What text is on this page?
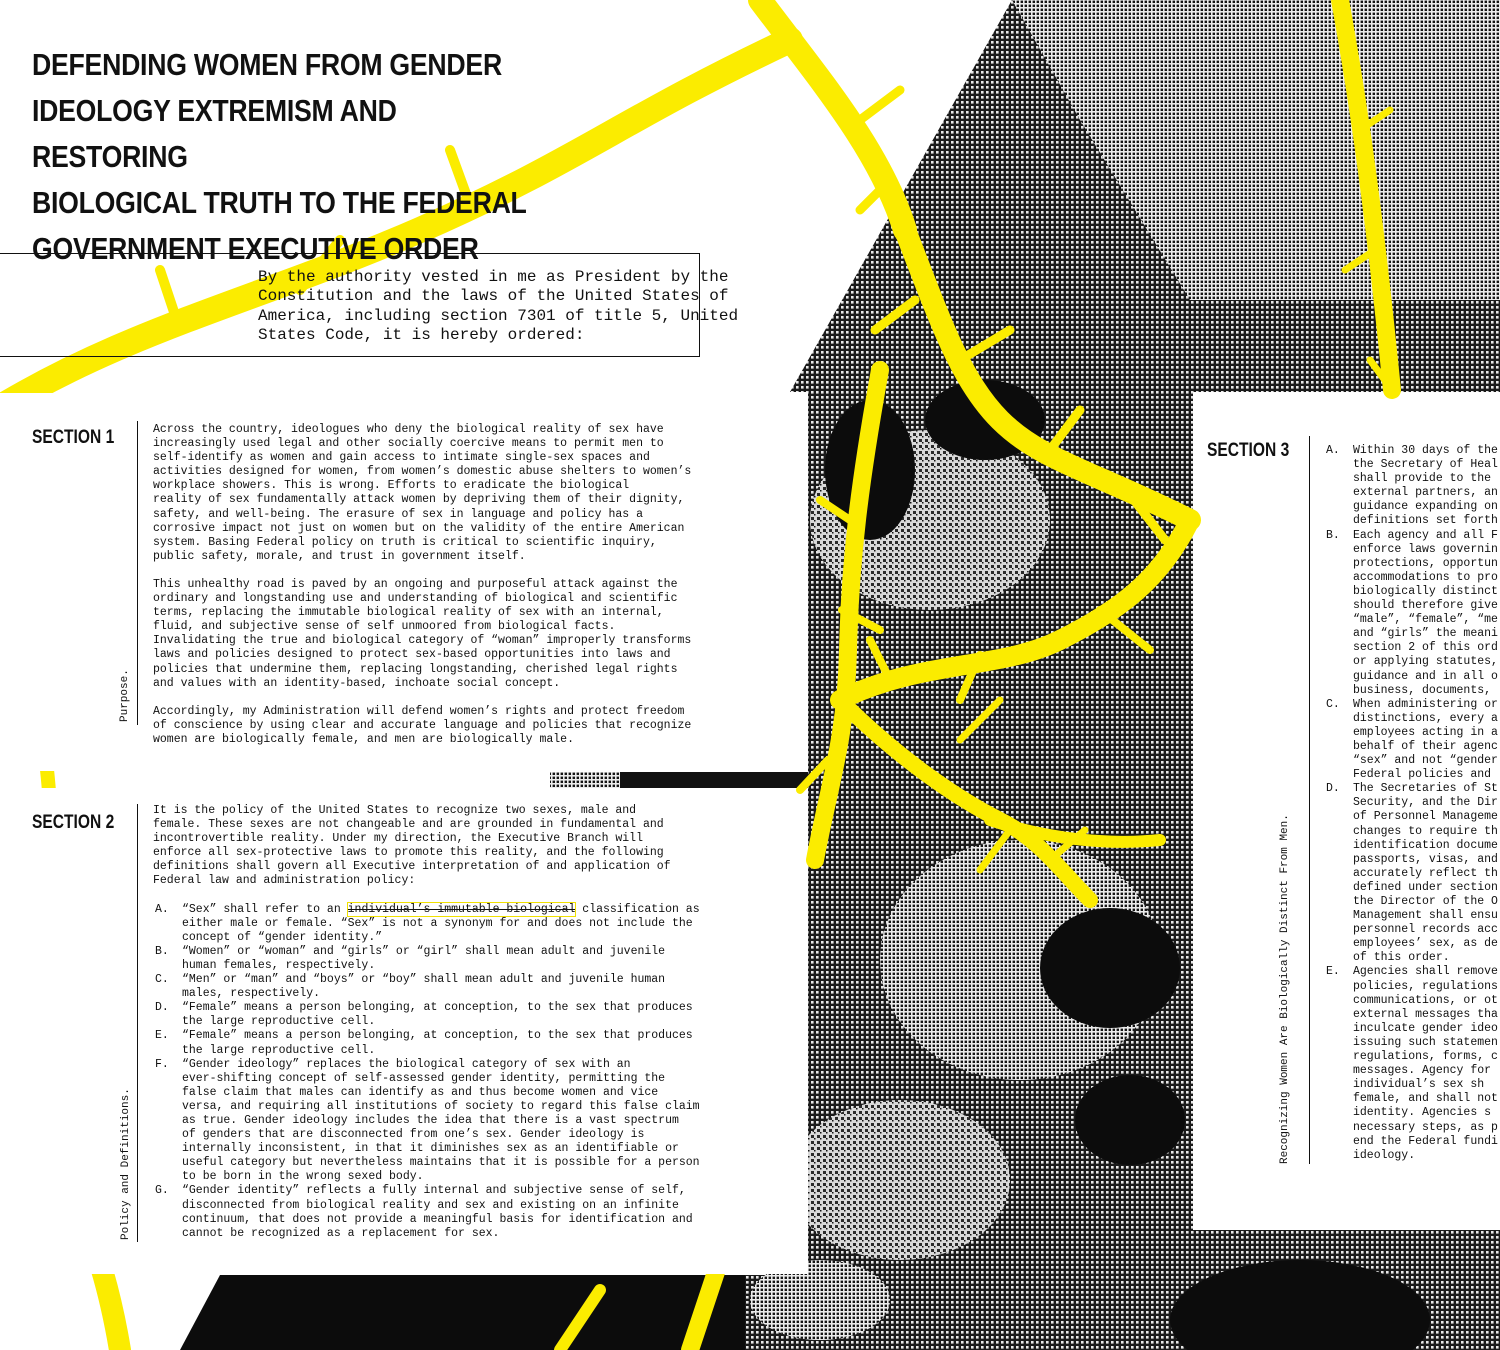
DEFENDING WOMEN FROM GENDER
IDEOLOGY EXTREMISM AND RESTORING
BIOLOGICAL TRUTH TO THE FEDERAL
GOVERNMENT EXECUTIVE ORDER

By the authority vested in me as President by the
Constitution and the laws of the United States of
America, including section 7301 of title 5, United
States Code, it is hereby ordered:

SECTION 1

Purpose.

Across the country, ideologues who deny the biological reality of sex have
increasingly used legal and other socially coercive means to permit men to
self-identify as women and gain access to intimate single-sex spaces and
activities designed for women, from women’s domestic abuse shelters to women’s
workplace showers. This is wrong. Efforts to eradicate the biological
reality of sex fundamentally attack women by depriving them of their dignity,
safety, and well-being. The erasure of sex in language and policy has a
corrosive impact not just on women but on the validity of the entire American
system. Basing Federal policy on truth is critical to scientific inquiry,
public safety, morale, and trust in government itself.

This unhealthy road is paved by an ongoing and purposeful attack against the
ordinary and longstanding use and understanding of biological and scientific
terms, replacing the immutable biological reality of sex with an internal,
fluid, and subjective sense of self unmoored from biological facts.
Invalidating the true and biological category of “woman” improperly transforms
laws and policies designed to protect sex-based opportunities into laws and
policies that undermine them, replacing longstanding, cherished legal rights
and values with an identity-based, inchoate social concept.

Accordingly, my Administration will defend women’s rights and protect freedom
of conscience by using clear and accurate language and policies that recognize
women are biologically female, and men are biologically male.

SECTION 2

Policy and Definitions.

It is the policy of the United States to recognize two sexes, male and
female. These sexes are not changeable and are grounded in fundamental and
incontrovertible reality. Under my direction, the Executive Branch will
enforce all sex-protective laws to promote this reality, and the following
definitions shall govern all Executive interpretation of and application of
Federal law and administration policy:

A. “Sex” shall refer to an individual’s immutable biological classification as
either male or female. “Sex” is not a synonym for and does not include the
concept of “gender identity.”
B. “Women” or “woman” and “girls” or “girl” shall mean adult and juvenile
human females, respectively.
C. “Men” or “man” and “boys” or “boy” shall mean adult and juvenile human
males, respectively.
D. “Female” means a person belonging, at conception, to the sex that produces
the large reproductive cell.
E. “Female” means a person belonging, at conception, to the sex that produces
the large reproductive cell.
F. “Gender ideology” replaces the biological category of sex with an
ever-shifting concept of self-assessed gender identity, permitting the
false claim that males can identify as and thus become women and vice
versa, and requiring all institutions of society to regard this false claim
as true. Gender ideology includes the idea that there is a vast spectrum
of genders that are disconnected from one’s sex. Gender ideology is
internally inconsistent, in that it diminishes sex as an identifiable or
useful category but nevertheless maintains that it is possible for a person
to be born in the wrong sexed body.
G. “Gender identity” reflects a fully internal and subjective sense of self,
disconnected from biological reality and sex and existing on an infinite
continuum, that does not provide a meaningful basis for identification and
cannot be recognized as a replacement for sex.
SECTION 3

Recognizing Women Are Biologically Distinct From Men.

A. Within 30 days of the
the Secretary of Heal
shall provide to the
external partners, an
guidance expanding on
definitions set forth
B. Each agency and all F
enforce laws governin
protections, opportun
accommodations to pro
biologically distinct
should therefore give
“male”, “female”, “me
and “girls” the meani
section 2 of this ord
or applying statutes,
guidance and in all o
business, documents,
C. When administering or
distinctions, every a
employees acting in a
behalf of their agenc
“sex” and not “gender
Federal policies and
D. The Secretaries of St
Security, and the Dir
of Personnel Manageme
changes to require th
identification docume
passports, visas, and
accurately reflect th
defined under section
the Director of the O
Management shall ensu
personnel records acc
employees’ sex, as de
of this order.
E. Agencies shall remove
policies, regulations
communications, or ot
external messages tha
inculcate gender ideo
issuing such statemen
regulations, forms, c
messages. Agency for
individual’s sex sh
female, and shall not
identity. Agencies s
necessary steps, as p
end the Federal fundi
ideology.
